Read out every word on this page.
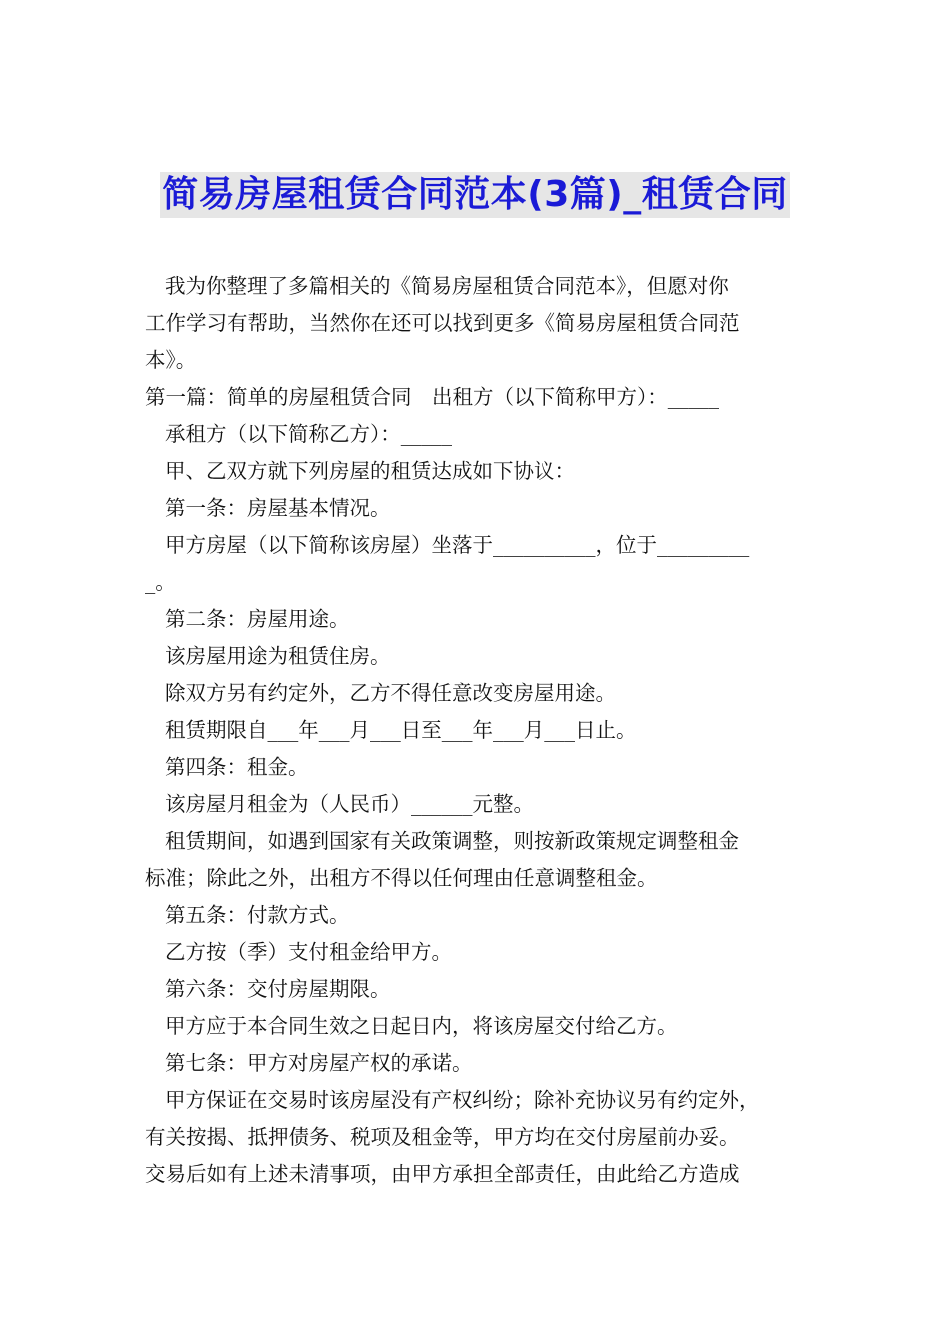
简易房屋租赁合同范本(3篇)_租赁合同
我为你整理了多篇相关的《简易房屋租赁合同范本》，但愿对你
工作学习有帮助，当然你在还可以找到更多《简易房屋租赁合同范
本》。
第一篇：简单的房屋租赁合同　出租方（以下简称甲方）：_____
承租方（以下简称乙方）：_____
甲、乙双方就下列房屋的租赁达成如下协议：
第一条：房屋基本情况。
甲方房屋（以下简称该房屋）坐落于__________，位于_________
_。
第二条：房屋用途。
该房屋用途为租赁住房。
除双方另有约定外，乙方不得任意改变房屋用途。
租赁期限自___年___月___日至___年___月___日止。
第四条：租金。
该房屋月租金为（人民币）______元整。
租赁期间，如遇到国家有关政策调整，则按新政策规定调整租金
标准；除此之外，出租方不得以任何理由任意调整租金。
第五条：付款方式。
乙方按（季）支付租金给甲方。
第六条：交付房屋期限。
甲方应于本合同生效之日起日内，将该房屋交付给乙方。
第七条：甲方对房屋产权的承诺。
甲方保证在交易时该房屋没有产权纠纷；除补充协议另有约定外，
有关按揭、抵押债务、税项及租金等，甲方均在交付房屋前办妥。
交易后如有上述未清事项，由甲方承担全部责任，由此给乙方造成
